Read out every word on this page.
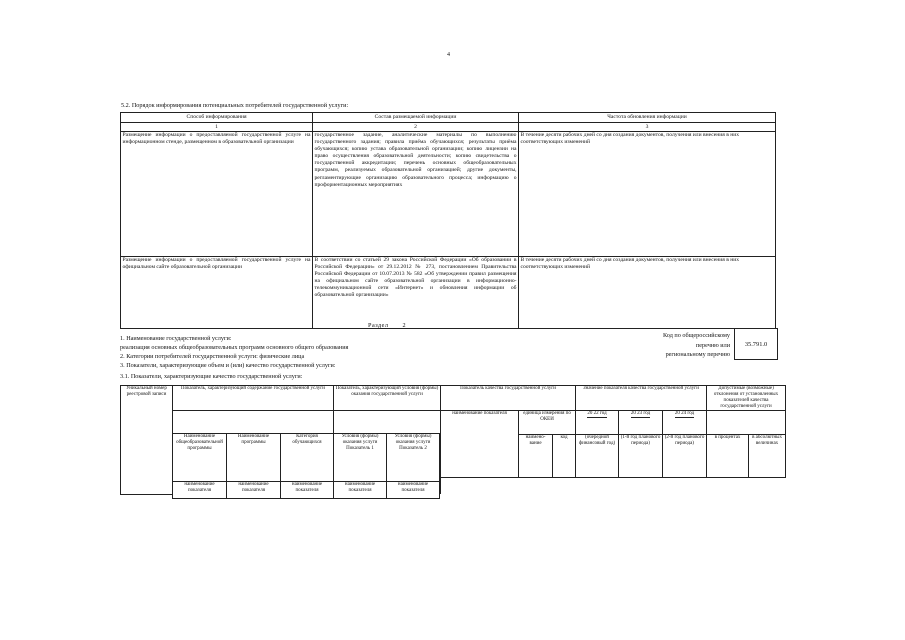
4
5.2. Порядок информирования потенциальных потребителей государственной услуги:
Способ информирования	Состав размещаемой информации	Частота обновления информации
1	2	3
Размещение информации о предоставляемой государственной услуге на информационном стенде, размещенном в образовательной организации	государственное задание, аналитические материалы по выполнению государственного задания; правила приёма обучающихся; результаты приёма обучающихся; копию устава образовательной организации; копию лицензии на право осуществления образовательной деятельности; копию свидетельства о государственной аккредитации; перечень основных общеобразовательных программ, реализуемых образовательной организацией; другие документы, регламентирующие организацию образовательного процесса; информацию о профориентационных мероприятиях	В течение десяти рабочих дней со дня создания документов, получения или внесения в них соответствующих изменений
Размещение информации о предоставляемой государственной услуге на официальном сайте образовательной организации	В соответствии со статьей 29 закона Российской Федерации «Об образовании в Российской Федерации» от 29.12.2012 № 273, постановлением Правительства Российской Федерации от 10.07.2013 № 582 «Об утверждении правил размещения на официальном сайте образовательной организации в информационно-телекоммуникационной сети «Интернет» и обновления информации об образовательной организации»	В течение десяти рабочих дней со дня создания документов, получения или внесения в них соответствующих изменений
Раздел 2
1. Наименование государственной услуги:
реализация основных общеобразовательных программ основного общего образования
2. Категории потребителей государственной услуги: физические лица
3. Показатели, характеризующие объем и (или) качество государственной услуги:
3.1. Показатели, характеризующие качество государственной услуги:
Код по общероссийскому
перечню или
региональному перечню
35.791.0
Уникальный номер реестровой записи	Показатель, характеризующий содержание государственной услуги	Показатель, характеризующий условия (формы) оказания государственной услуги	Показатель качества государственной услуги			Значение показателя качества государственной услуги			Допустимые (возможные) отклонения от установленных показателей качества государственной услуги	
			наименование показателя	единица измерения по ОКЕИ		20 22 год	20 23 год	20 24 год		
				наимено-вание	код	(очередной финансовый год)	(1-й год планового периода)	(2-й год планового периода)	в процентах	в абсолютных величинах

Наименование общеобразовательной программы	Наименование программы	Категория обучающихся	Условия (формы) оказания услуги Показатель 1	Условия (формы) оказания услуги Показатель 2
наименование показателя	наименование показателя	наименование показателя	наименование показателя	наименование показателя
